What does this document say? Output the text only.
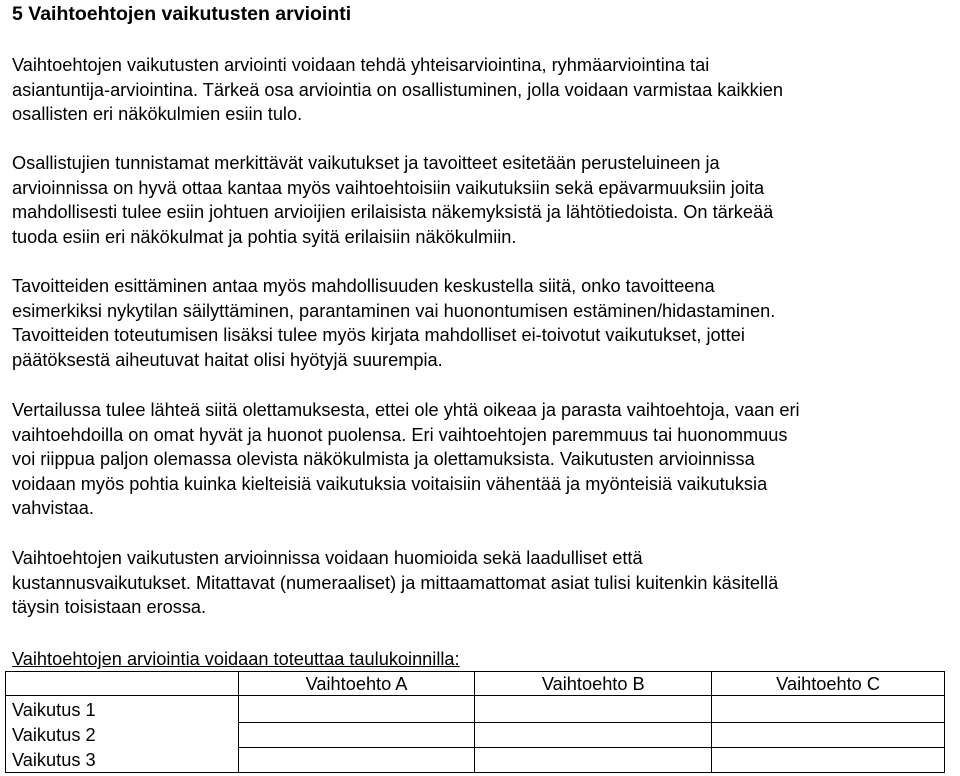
5 Vaihtoehtojen vaikutusten arviointi

Vaihtoehtojen vaikutusten arviointi voidaan tehdä yhteisarviointina, ryhmäarviointina tai
asiantuntija-arviointina. Tärkeä osa arviointia on osallistuminen, jolla voidaan varmistaa kaikkien
osallisten eri näkökulmien esiin tulo.

Osallistujien tunnistamat merkittävät vaikutukset ja tavoitteet esitetään perusteluineen ja
arvioinnissa on hyvä ottaa kantaa myös vaihtoehtoisiin vaikutuksiin sekä epävarmuuksiin joita
mahdollisesti tulee esiin johtuen arvioijien erilaisista näkemyksistä ja lähtötiedoista. On tärkeää
tuoda esiin eri näkökulmat ja pohtia syitä erilaisiin näkökulmiin.

Tavoitteiden esittäminen antaa myös mahdollisuuden keskustella siitä, onko tavoitteena
esimerkiksi nykytilan säilyttäminen, parantaminen vai huonontumisen estäminen/hidastaminen.
Tavoitteiden toteutumisen lisäksi tulee myös kirjata mahdolliset ei-toivotut vaikutukset, jottei
päätöksestä aiheutuvat haitat olisi hyötyjä suurempia.

Vertailussa tulee lähteä siitä olettamuksesta, ettei ole yhtä oikeaa ja parasta vaihtoehtoja, vaan eri
vaihtoehdoilla on omat hyvät ja huonot puolensa. Eri vaihtoehtojen paremmuus tai huonommuus
voi riippua paljon olemassa olevista näkökulmista ja olettamuksista. Vaikutusten arvioinnissa
voidaan myös pohtia kuinka kielteisiä vaikutuksia voitaisiin vähentää ja myönteisiä vaikutuksia
vahvistaa.

Vaihtoehtojen vaikutusten arvioinnissa voidaan huomioida sekä laadulliset että
kustannusvaikutukset. Mitattavat (numeraaliset) ja mittaamattomat asiat tulisi kuitenkin käsitellä
täysin toisistaan erossa.

Vaihtoehtojen arviointia voidaan toteuttaa taulukoinnilla:

	Vaihtoehto A	Vaihtoehto B	Vaihtoehto C
Vaikutus 1			
Vaikutus 2			
Vaikutus 3			
